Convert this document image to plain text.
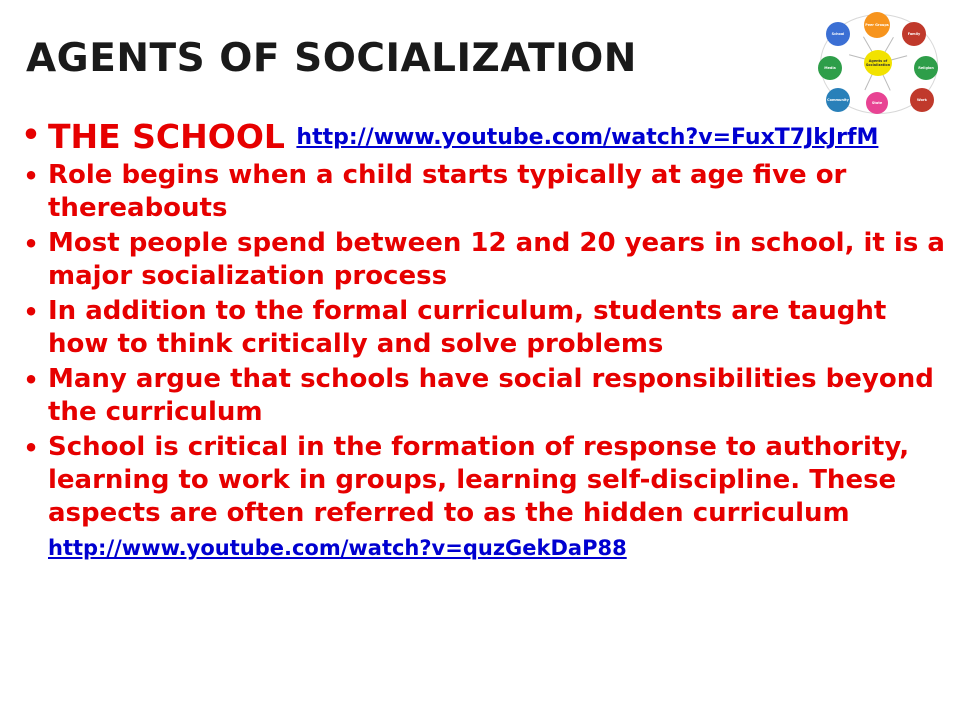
AGENTS OF SOCIALIZATION
School
Peer Groups
Family
Media	Religion
Work
State
Community
Agents of Socialization
• THE SCHOOL http://www.youtube.com/watch?v=FuxT7JkJrfM
• Role begins when a child starts typically at age five or thereabouts
• Most people spend between 12 and 20 years in school, it is a major socialization process
• In addition to the formal curriculum, students are taught how to think critically and solve problems
• Many argue that schools have social responsibilities beyond the curriculum
• School is critical in the formation of response to authority, learning to work in groups, learning self-discipline. These aspects are often referred to as the hidden curriculum
http://www.youtube.com/watch?v=quzGekDaP88
